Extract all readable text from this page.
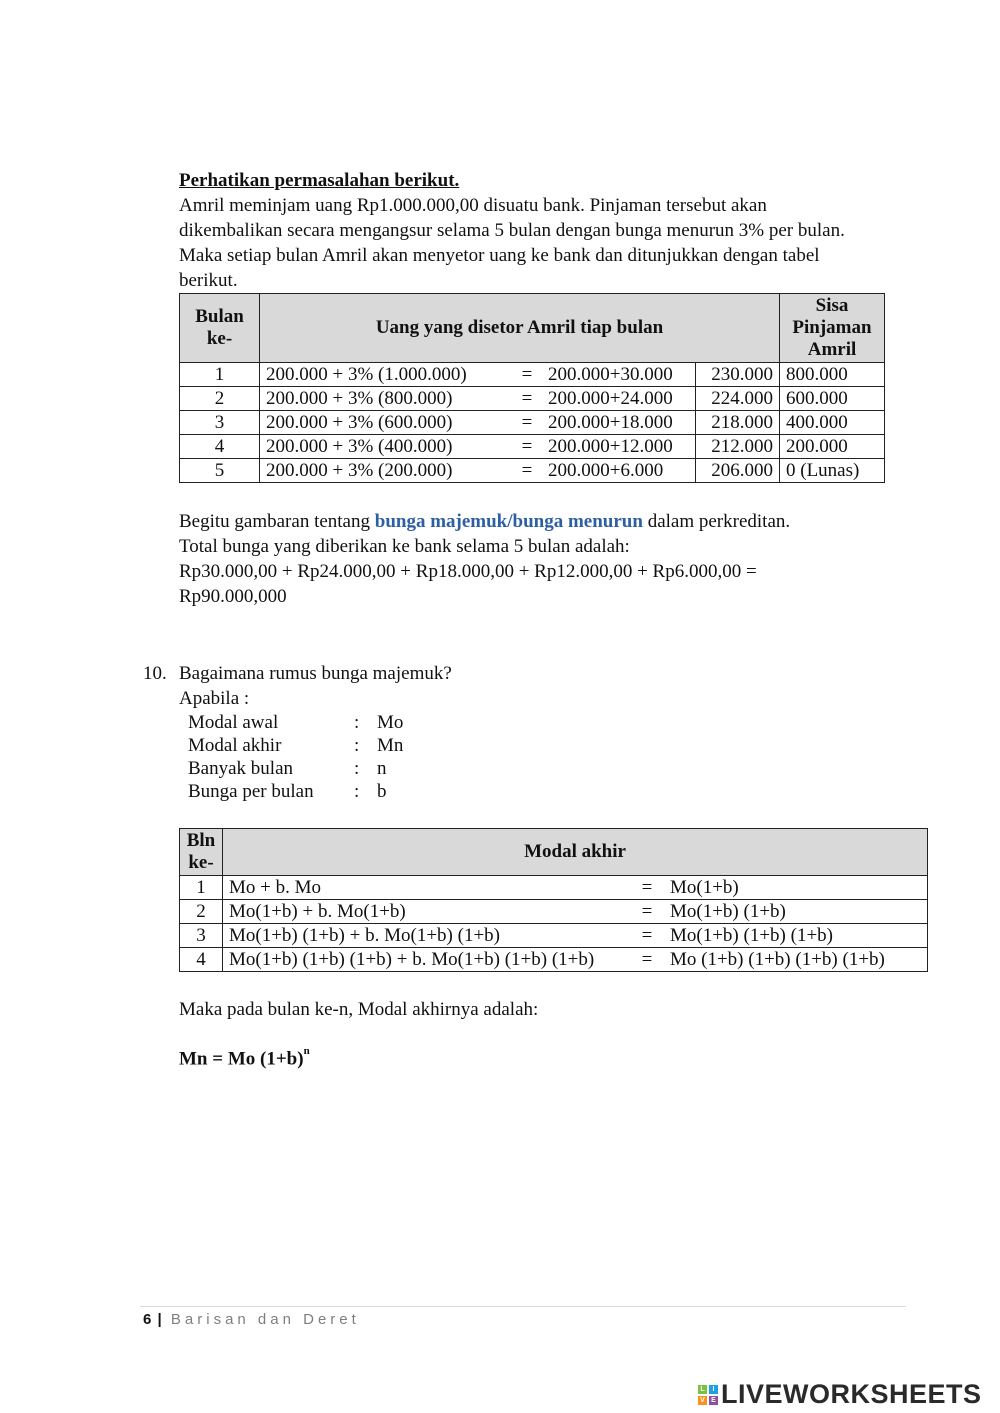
Perhatikan permasalahan berikut.
Amril meminjam uang Rp1.000.000,00 disuatu bank. Pinjaman tersebut akan
dikembalikan secara mengangsur selama 5 bulan dengan bunga menurun 3% per bulan.
Maka setiap bulan Amril akan menyetor uang ke bank dan ditunjukkan dengan tabel
berikut.
Bulan ke-	Uang yang disetor Amril tiap bulan				Sisa Pinjaman Amril
1	200.000 + 3% (1.000.000)	=	200.000+30.000	230.000	800.000
2	200.000 + 3% (800.000)	=	200.000+24.000	224.000	600.000
3	200.000 + 3% (600.000)	=	200.000+18.000	218.000	400.000
4	200.000 + 3% (400.000)	=	200.000+12.000	212.000	200.000
5	200.000 + 3% (200.000)	=	200.000+6.000	206.000	0 (Lunas)
Begitu gambaran tentang bunga majemuk/bunga menurun dalam perkreditan.
Total bunga yang diberikan ke bank selama 5 bulan adalah:
Rp30.000,00 + Rp24.000,00 + Rp18.000,00 + Rp12.000,00 + Rp6.000,00 =
Rp90.000,000
10. Bagaimana rumus bunga majemuk?
Apabila :
Modal awal	: Mo
Modal akhir	: Mn
Banyak bulan	: n
Bunga per bulan : b
Bln ke-	Modal akhir		
1	Mo + b. Mo	=	Mo(1+b)
2	Mo(1+b) + b. Mo(1+b)	=	Mo(1+b) (1+b)
3	Mo(1+b) (1+b) + b. Mo(1+b) (1+b)	=	Mo(1+b) (1+b) (1+b)
4	Mo(1+b) (1+b) (1+b) + b. Mo(1+b) (1+b) (1+b)	=	Mo (1+b) (1+b) (1+b) (1+b)
Maka pada bulan ke-n, Modal akhirnya adalah:
Mn = Mo $(1+b)^n$
6 | Barisan dan Deret
L	I
V E LIVEWORKSHEETS
